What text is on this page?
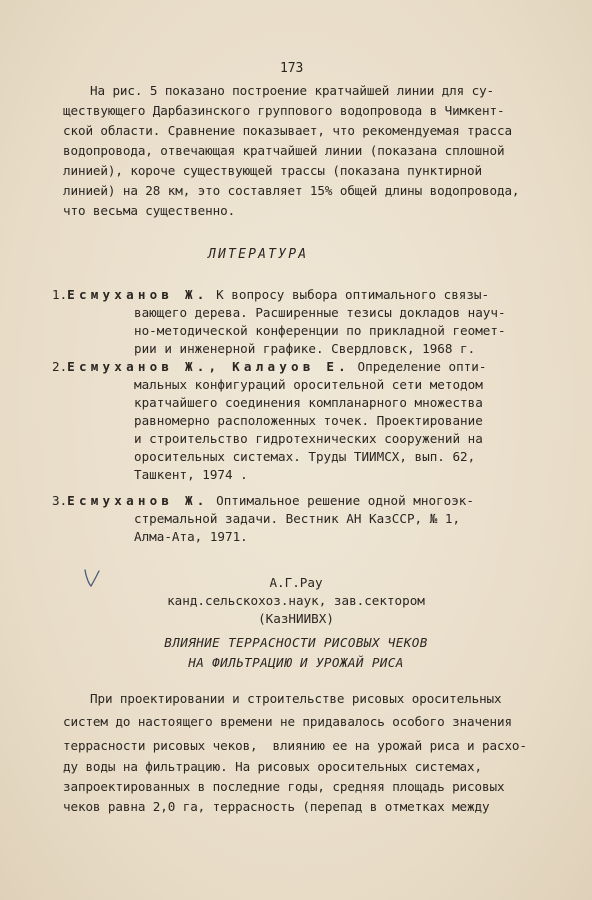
173
На рис. 5 показано построение кратчайшей линии для су-
ществующего Дарбазинского группового водопровода в Чимкент-
ской области. Сравнение показывает, что рекомендуемая трасса
водопровода, отвечающая кратчайшей линии (показана сплошной
линией), короче существующей трассы (показана пунктирной
линией) на 28 км, это составляет 15% общей длины водопровода,
что весьма существенно.
ЛИТЕРАТУРА
1.Есмуханов Ж. К вопросу выбора оптимального связы-
вающего дерева. Расширенные тезисы докладов науч-
но-методической конференции по прикладной геомет-
рии и инженерной графике. Свердловск, 1968 г.
2.Есмуханов Ж., Калауов Е. Определение опти-
мальных конфигураций оросительной сети методом
кратчайшего соединения компланарного множества
равномерно расположенных точек. Проектирование
и строительство гидротехнических сооружений на
оросительных системах. Труды ТИИМСХ, вып. 62,
Ташкент, 1974 .
3.Есмуханов Ж. Оптимальное решение одной многоэк-
стремальной задачи. Вестник АН КазССР, № 1,
Алма-Ата, 1971.
А.Г.Рау
канд.сельскохоз.наук, зав.сектором
(КазНИИВХ)
ВЛИЯНИЕ ТЕРРАСНОСТИ РИСОВЫХ ЧЕКОВ
НА ФИЛЬТРАЦИЮ И УРОЖАЙ РИСА
При проектировании и строительстве рисовых оросительных
систем до настоящего времени не придавалось особого значения
террасности рисовых чеков,  влиянию ее на урожай риса и расхо-
ду воды на фильтрацию. На рисовых оросительных системах,
запроектированных в последние годы, средняя площадь рисовых
чеков равна 2,0 га, террасность (перепад в отметках между
